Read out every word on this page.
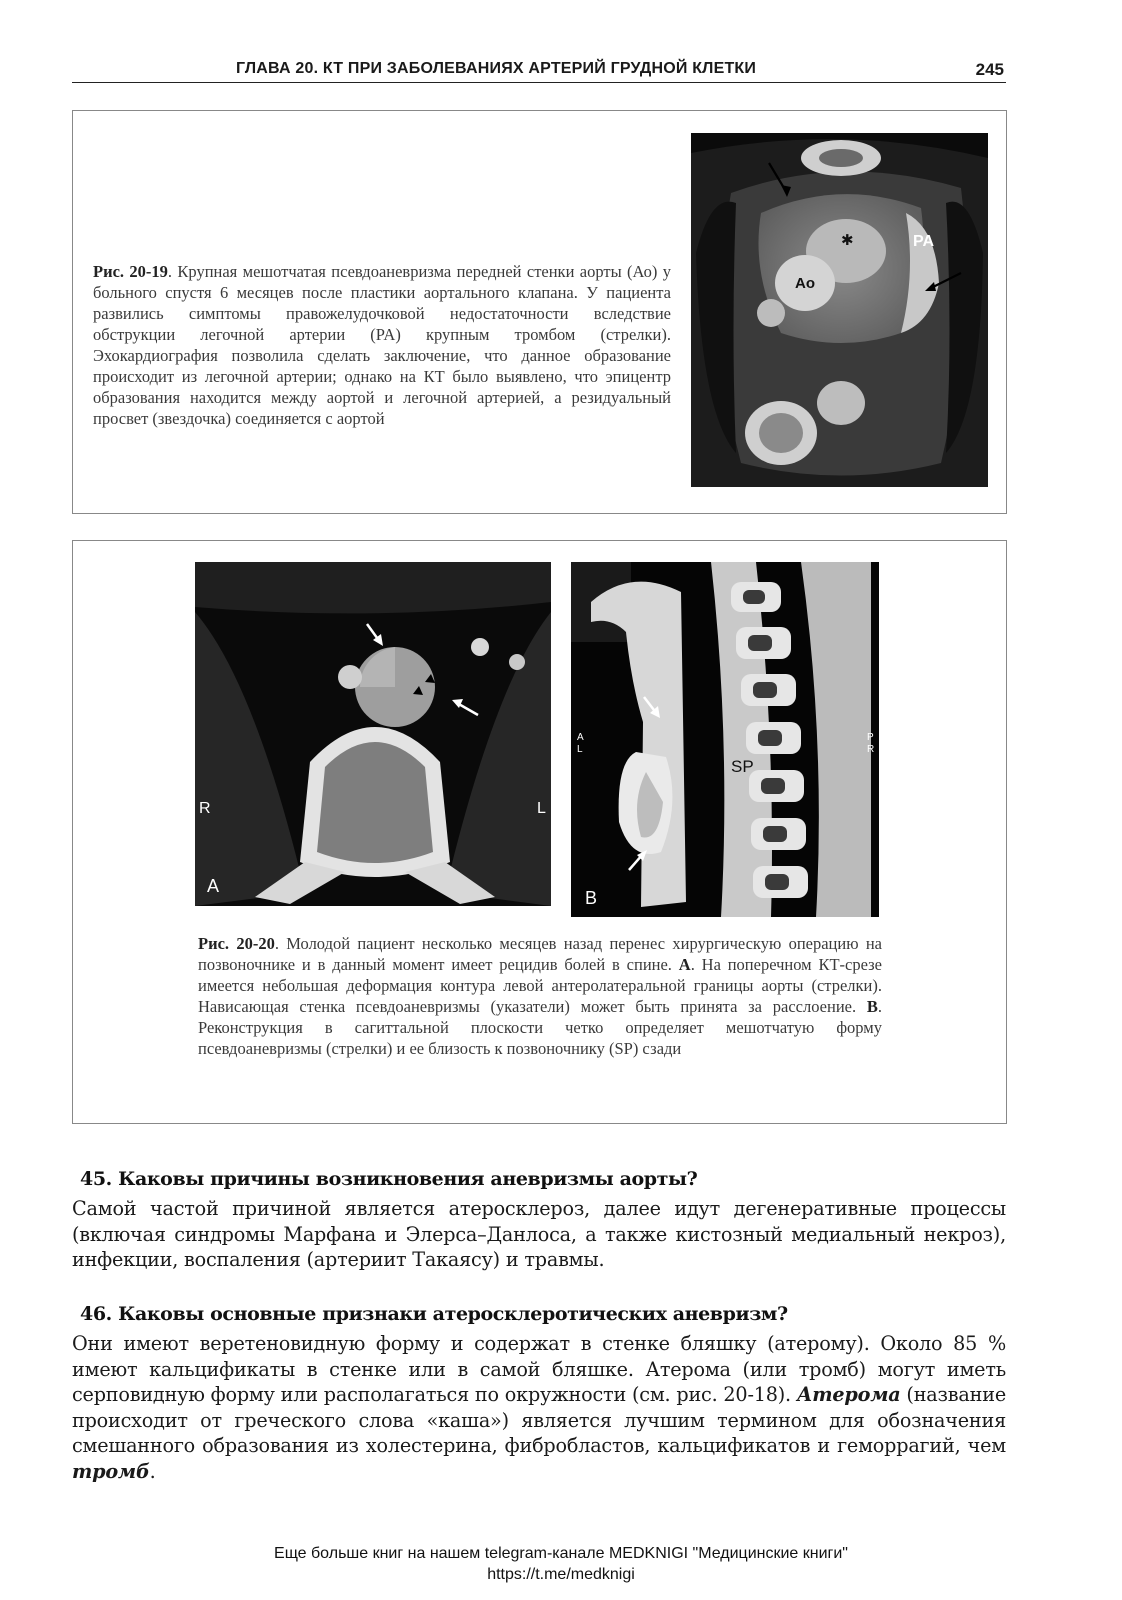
ГЛАВА 20. КТ ПРИ ЗАБОЛЕВАНИЯХ АРТЕРИЙ ГРУДНОЙ КЛЕТКИ	245
Рис. 20-19. Крупная мешотчатая псевдоаневризма передней стенки аорты (Ао) у больного спустя 6 месяцев после пластики аортального клапана. У пациента развились симптомы правожелудочковой недостаточности вследствие обструкции легочной артерии (PA) крупным тромбом (стрелки). Эхокардиография позволила сделать заключение, что данное образование происходит из легочной артерии; однако на КТ было выявлено, что эпицентр образования находится между аортой и легочной артерией, а резидуальный просвет (звездочка) соединяется с аортой
PA
Ao
✱
R	L
A
SP
A
L
P
R
B
Рис. 20-20. Молодой пациент несколько месяцев назад перенес хирургическую операцию на позвоночнике и в данный момент имеет рецидив болей в спине. А. На поперечном КТ-срезе имеется небольшая деформация контура левой антеролатеральной границы аорты (стрелки). Нависающая стенка псевдоаневризмы (указатели) может быть принята за расслоение. В. Реконструкция в сагиттальной плоскости четко определяет мешотчатую форму псевдоаневризмы (стрелки) и ее близость к позвоночнику (SP) сзади
45. Каковы причины возникновения аневризмы аорты?
Самой частой причиной является атеросклероз, далее идут дегенеративные процессы (включая синдромы Марфана и Элерса–Данлоса, а также кистозный медиальный некроз), инфекции, воспаления (артериит Такаясу) и травмы.
46. Каковы основные признаки атеросклеротических аневризм?
Они имеют веретеновидную форму и содержат в стенке бляшку (атерому). Около 85 % имеют кальцификаты в стенке или в самой бляшке. Атерома (или тромб) могут иметь серповидную форму или располагаться по окружности (см. рис. 20-18). Атерома (название происходит от греческого слова «каша») является лучшим термином для обозначения смешанного образования из холестерина, фибробластов, кальцификатов и геморрагий, чем тромб.
Еще больше книг на нашем telegram-канале MEDKNIGI "Медицинские книги"
https://t.me/medknigi
